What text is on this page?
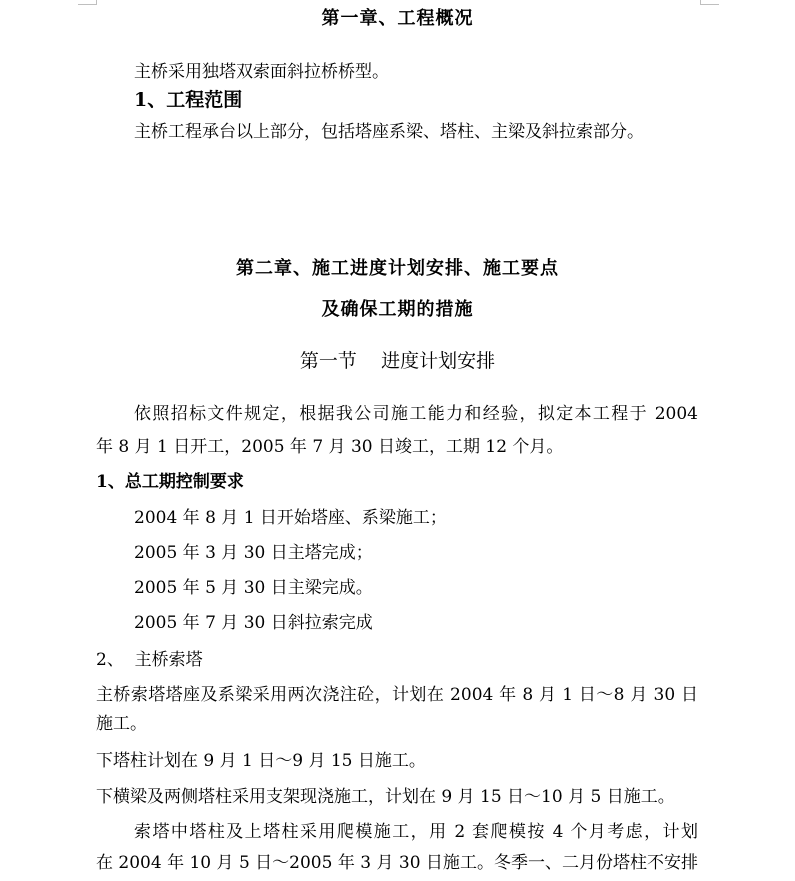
第一章、工程概况
主桥采用独塔双索面斜拉桥桥型。
1、工程范围
主桥工程承台以上部分，包括塔座系梁、塔柱、主梁及斜拉索部分。
第二章、施工进度计划安排、施工要点
及确保工期的措施
第一节    进度计划安排
依照招标文件规定，根据我公司施工能力和经验，拟定本工程于 2004
年 8 月 1 日开工，2005 年 7 月 30 日竣工，工期 12 个月。
1、总工期控制要求
2004 年 8 月 1 日开始塔座、系梁施工；
2005 年 3 月 30 日主塔完成；
2005 年 5 月 30 日主梁完成。
2005 年 7 月 30 日斜拉索完成
2、  主桥索塔
主桥索塔塔座及系梁采用两次浇注砼，计划在 2004 年 8 月 1 日～8 月 30 日
施工。
下塔柱计划在 9 月 1 日～9 月 15 日施工。
下横梁及两侧塔柱采用支架现浇施工，计划在 9 月 15 日～10 月 5 日施工。
索塔中塔柱及上塔柱采用爬模施工，用 2 套爬模按 4 个月考虑，计划
在 2004 年 10 月 5 日～2005 年 3 月 30 日施工。冬季一、二月份塔柱不安排
